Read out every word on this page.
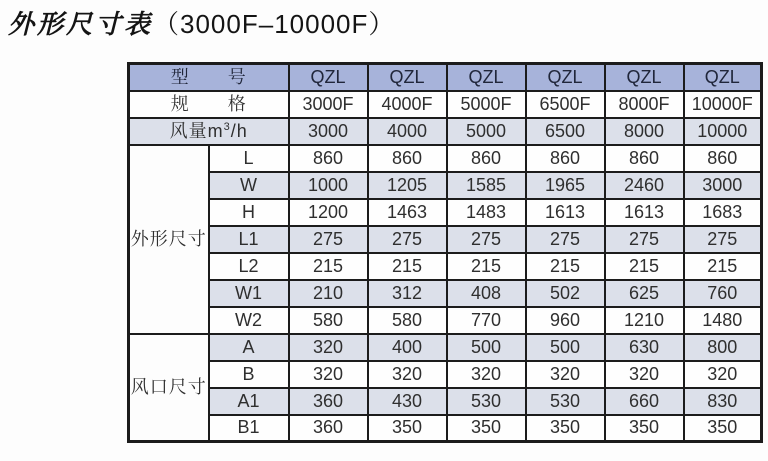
外形尺寸表（3000F–10000F）
型　　号		QZL	QZL	QZL	QZL	QZL	QZL
规　　格		3000F	4000F	5000F	6500F	8000F	10000F
风量$m^3/h$		3000	4000	5000	6500	8000	10000
外形尺寸	L	860	860	860	860	860	860
	W	1000	1205	1585	1965	2460	3000
	H	1200	1463	1483	1613	1613	1683
	L1	275	275	275	275	275	275
	L2	215	215	215	215	215	215
	W1	210	312	408	502	625	760
	W2	580	580	770	960	1210	1480
风口尺寸	A	320	400	500	500	630	800
	B	320	320	320	320	320	320
	A1	360	430	530	530	660	830
	B1	360	350	350	350	350	350
